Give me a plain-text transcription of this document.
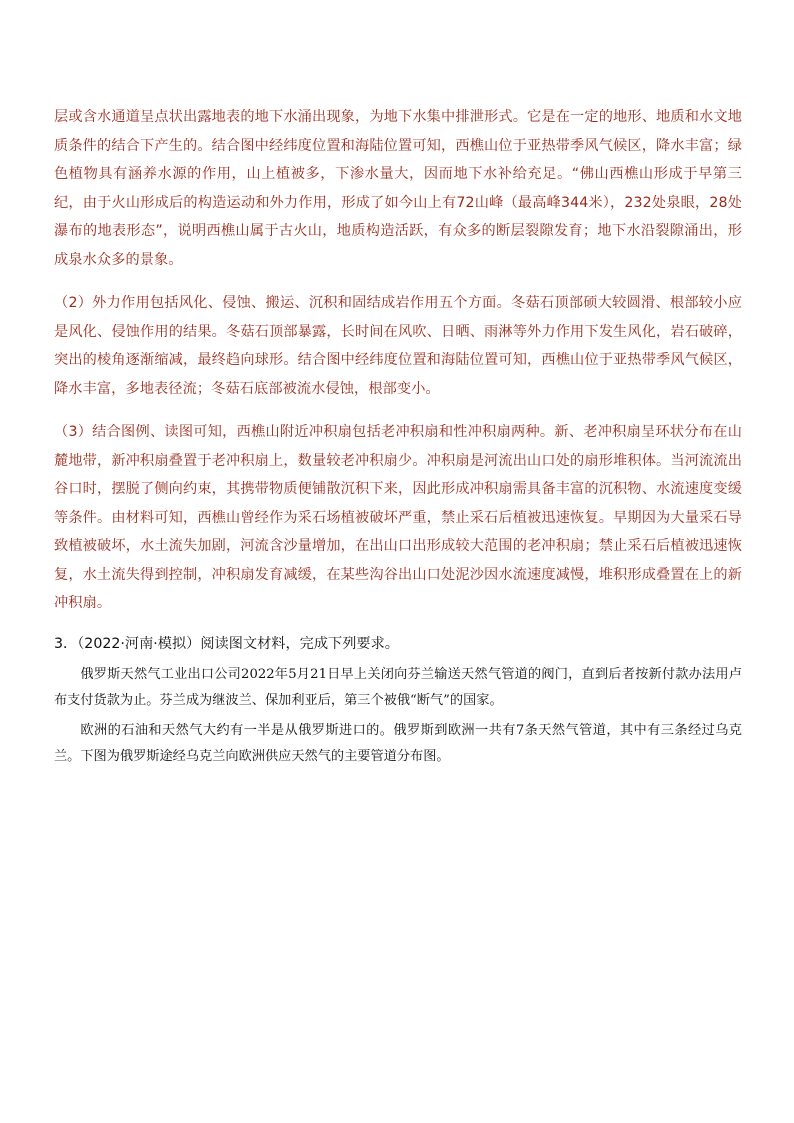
层或含水通道呈点状出露地表的地下水涌出现象，为地下水集中排泄形式。它是在一定的地形、地质和水文地质条件的结合下产生的。结合图中经纬度位置和海陆位置可知，西樵山位于亚热带季风气候区，降水丰富；绿色植物具有涵养水源的作用，山上植被多，下渗水量大，因而地下水补给充足。“佛山西樵山形成于早第三纪，由于火山形成后的构造运动和外力作用，形成了如今山上有72山峰（最高峰344米），232处泉眼，28处瀑布的地表形态”，说明西樵山属于古火山，地质构造活跃，有众多的断层裂隙发育；地下水沿裂隙涌出，形成泉水众多的景象。

（2）外力作用包括风化、侵蚀、搬运、沉积和固结成岩作用五个方面。冬菇石顶部硕大较圆滑、根部较小应是风化、侵蚀作用的结果。冬菇石顶部暴露，长时间在风吹、日晒、雨淋等外力作用下发生风化，岩石破碎，突出的棱角逐渐缩减，最终趋向球形。结合图中经纬度位置和海陆位置可知，西樵山位于亚热带季风气候区，降水丰富，多地表径流；冬菇石底部被流水侵蚀，根部变小。

（3）结合图例、读图可知，西樵山附近冲积扇包括老冲积扇和性冲积扇两种。新、老冲积扇呈环状分布在山麓地带，新冲积扇叠置于老冲积扇上，数量较老冲积扇少。冲积扇是河流出山口处的扇形堆积体。当河流流出谷口时，摆脱了侧向约束，其携带物质便铺散沉积下来，因此形成冲积扇需具备丰富的沉积物、水流速度变缓等条件。由材料可知，西樵山曾经作为采石场植被破坏严重，禁止采石后植被迅速恢复。早期因为大量采石导致植被破坏，水土流失加剧，河流含沙量增加，在出山口出形成较大范围的老冲积扇；禁止采石后植被迅速恢复，水土流失得到控制，冲积扇发育减缓，在某些沟谷出山口处泥沙因水流速度减慢，堆积形成叠置在上的新冲积扇。

3．（2022·河南·模拟）阅读图文材料，完成下列要求。

俄罗斯天然气工业出口公司2022年5月21日早上关闭向芬兰输送天然气管道的阀门，直到后者按新付款办法用卢布支付货款为止。芬兰成为继波兰、保加利亚后，第三个被俄“断气”的国家。

欧洲的石油和天然气大约有一半是从俄罗斯进口的。俄罗斯到欧洲一共有7条天然气管道，其中有三条经过乌克兰。下图为俄罗斯途经乌克兰向欧洲供应天然气的主要管道分布图。
